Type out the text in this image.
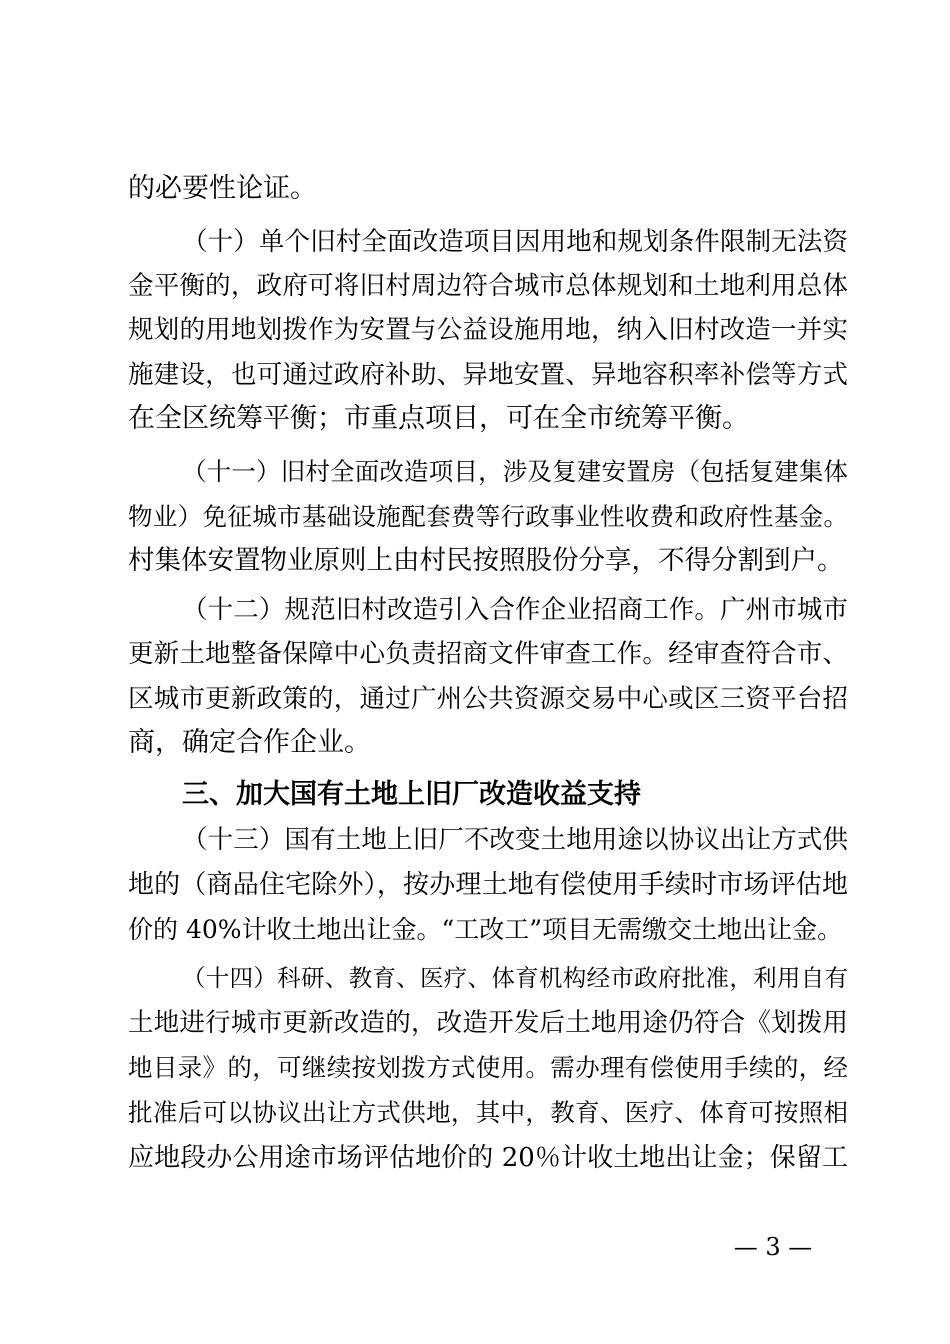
的必要性论证。
（十）单个旧村全面改造项目因用地和规划条件限制无法资
金平衡的，政府可将旧村周边符合城市总体规划和土地利用总体
规划的用地划拨作为安置与公益设施用地，纳入旧村改造一并实
施建设，也可通过政府补助、异地安置、异地容积率补偿等方式
在全区统筹平衡；市重点项目，可在全市统筹平衡。
（十一）旧村全面改造项目，涉及复建安置房（包括复建集体
物业）免征城市基础设施配套费等行政事业性收费和政府性基金。
村集体安置物业原则上由村民按照股份分享，不得分割到户。
（十二）规范旧村改造引入合作企业招商工作。广州市城市
更新土地整备保障中心负责招商文件审查工作。经审查符合市、
区城市更新政策的，通过广州公共资源交易中心或区三资平台招
商，确定合作企业。
三、加大国有土地上旧厂改造收益支持
（十三）国有土地上旧厂不改变土地用途以协议出让方式供
地的（商品住宅除外），按办理土地有偿使用手续时市场评估地
价的 40%计收土地出让金。“工改工”项目无需缴交土地出让金。
（十四）科研、教育、医疗、体育机构经市政府批准，利用自有
土地进行城市更新改造的，改造开发后土地用途仍符合《划拨用
地目录》的，可继续按划拨方式使用。需办理有偿使用手续的，经
批准后可以协议出让方式供地，其中，教育、医疗、体育可按照相
应地段办公用途市场评估地价的 20％计收土地出让金；保留工
— 3 —
